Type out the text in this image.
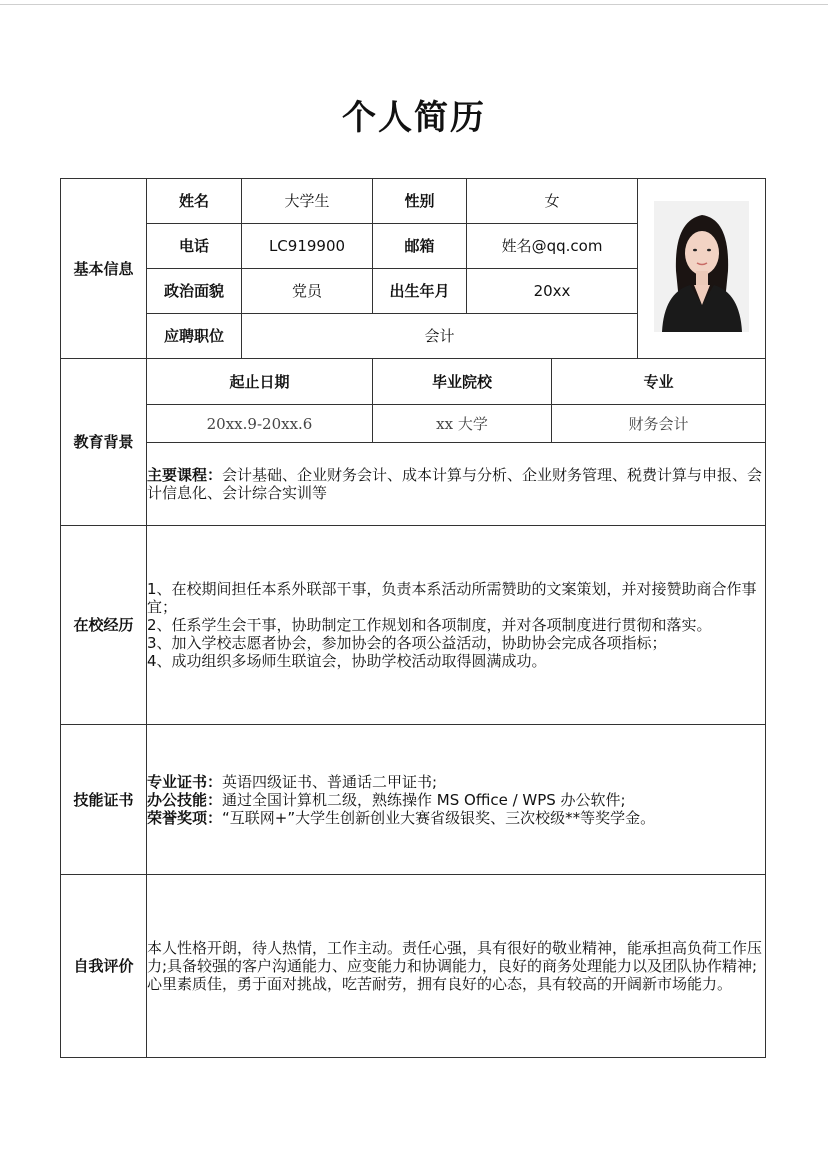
个人简历
基本信息	姓名	大学生	性别	女	

	电话	LC919900	邮箱	姓名@qq.com		
	政治面貌	党员	出生年月	20xx		
	应聘职位	会计				
教育背景	起止日期		毕业院校		专业	
	20xx.9-20xx.6		xx 大学		财务会计	
	主要课程：会计基础、企业财务会计、成本计算与分析、企业财务管理、税费计算与申报、会计信息化、会计综合实训等					
在校经历	1、在校期间担任本系外联部干事，负责本系活动所需赞助的文案策划，并对接赞助商合作事宜；

2、任系学生会干事，协助制定工作规划和各项制度，并对各项制度进行贯彻和落实。

3、加入学校志愿者协会，参加协会的各项公益活动，协助协会完成各项指标；

4、成功组织多场师生联谊会，协助学校活动取得圆满成功。					

技能证书	专业证书：英语四级证书、普通话二甲证书;

办公技能：通过全国计算机二级，熟练操作 MS Office / WPS 办公软件;

荣誉奖项：“互联网+”大学生创新创业大赛省级银奖、三次校级**等奖学金。					

自我评价	本人性格开朗，待人热情，工作主动。责任心强，具有很好的敬业精神，能承担高负荷工作压力;具备较强的客户沟通能力、应变能力和协调能力，良好的商务处理能力以及团队协作精神;心里素质佳，勇于面对挑战，吃苦耐劳，拥有良好的心态，具有较高的开阔新市场能力。					
